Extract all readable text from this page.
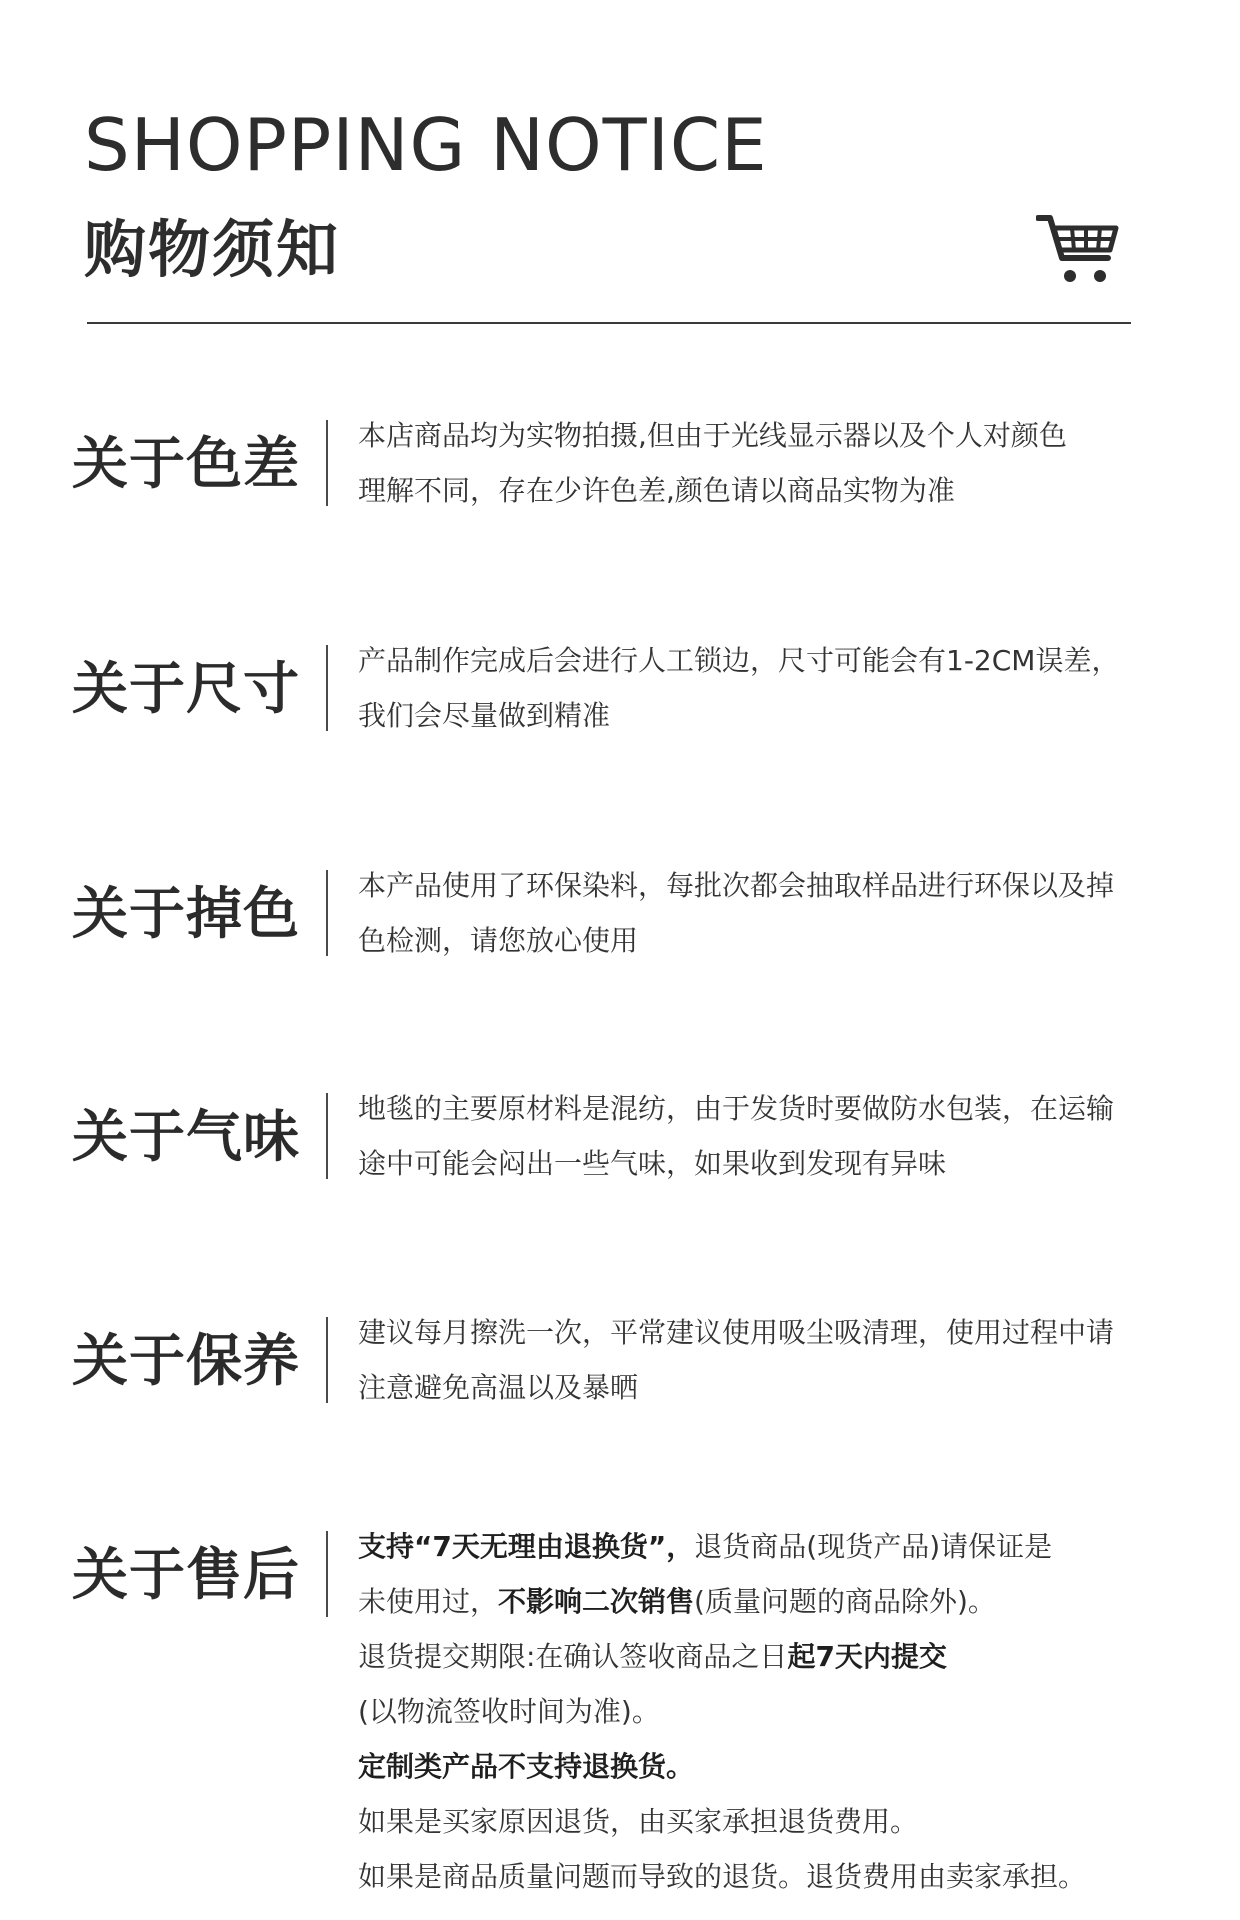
SHOPPING NOTICE
购物须知
关于色差 本店商品均为实物拍摄,但由于光线显示器以及个人对颜色

理解不同，存在少许色差,颜色请以商品实物为准

关于尺寸 产品制作完成后会进行人工锁边，尺寸可能会有1-2CM误差，

我们会尽量做到精准

关于掉色 本产品使用了环保染料，每批次都会抽取样品进行环保以及掉

色检测，请您放心使用

关于气味 地毯的主要原材料是混纺，由于发货时要做防水包装，在运输

途中可能会闷出一些气味，如果收到发现有异味

关于保养 建议每月擦洗一次，平常建议使用吸尘吸清理，使用过程中请

注意避免高温以及暴晒

关于售后 支持“7天无理由退换货”，退货商品(现货产品)请保证是

未使用过，不影响二次销售(质量问题的商品除外)。

退货提交期限:在确认签收商品之日起7天内提交

(以物流签收时间为准)。

定制类产品不支持退换货。

如果是买家原因退货，由买家承担退货费用。

如果是商品质量问题而导致的退货。退货费用由卖家承担。
